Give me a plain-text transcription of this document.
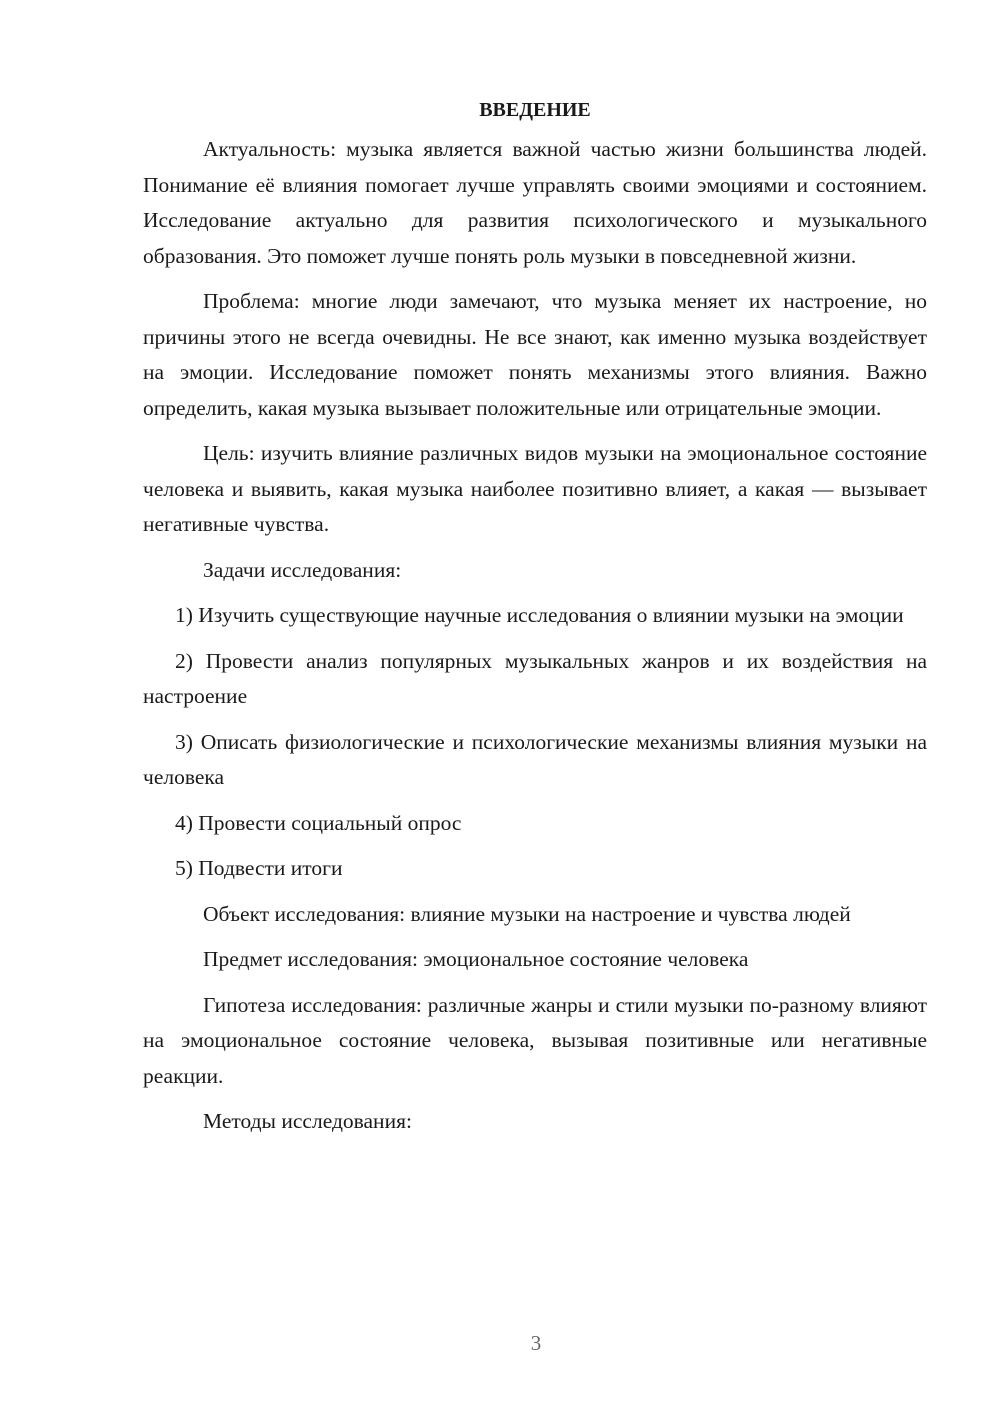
ВВЕДЕНИЕ

Актуальность: музыка является важной частью жизни большинства людей. Понимание её влияния помогает лучше управлять своими эмоциями и состоянием. Исследование актуально для развития психологического и музыкального образования. Это поможет лучше понять роль музыки в повседневной жизни.

Проблема: многие люди замечают, что музыка меняет их настроение, но причины этого не всегда очевидны. Не все знают, как именно музыка воздействует на эмоции. Исследование поможет понять механизмы этого влияния. Важно определить, какая музыка вызывает положительные или отрицательные эмоции.

Цель: изучить влияние различных видов музыки на эмоциональное состояние человека и выявить, какая музыка наиболее позитивно влияет, а какая — вызывает негативные чувства.

Задачи исследования:

1) Изучить существующие научные исследования о влиянии музыки на эмоции

2) Провести анализ популярных музыкальных жанров и их воздействия на настроение

3) Описать физиологические и психологические механизмы влияния музыки на человека

4) Провести социальный опрос

5) Подвести итоги

Объект исследования: влияние музыки на настроение и чувства людей

Предмет исследования: эмоциональное состояние человека

Гипотеза исследования: различные жанры и стили музыки по-разному влияют на эмоциональное состояние человека, вызывая позитивные или негативные реакции.

Методы исследования:

3
